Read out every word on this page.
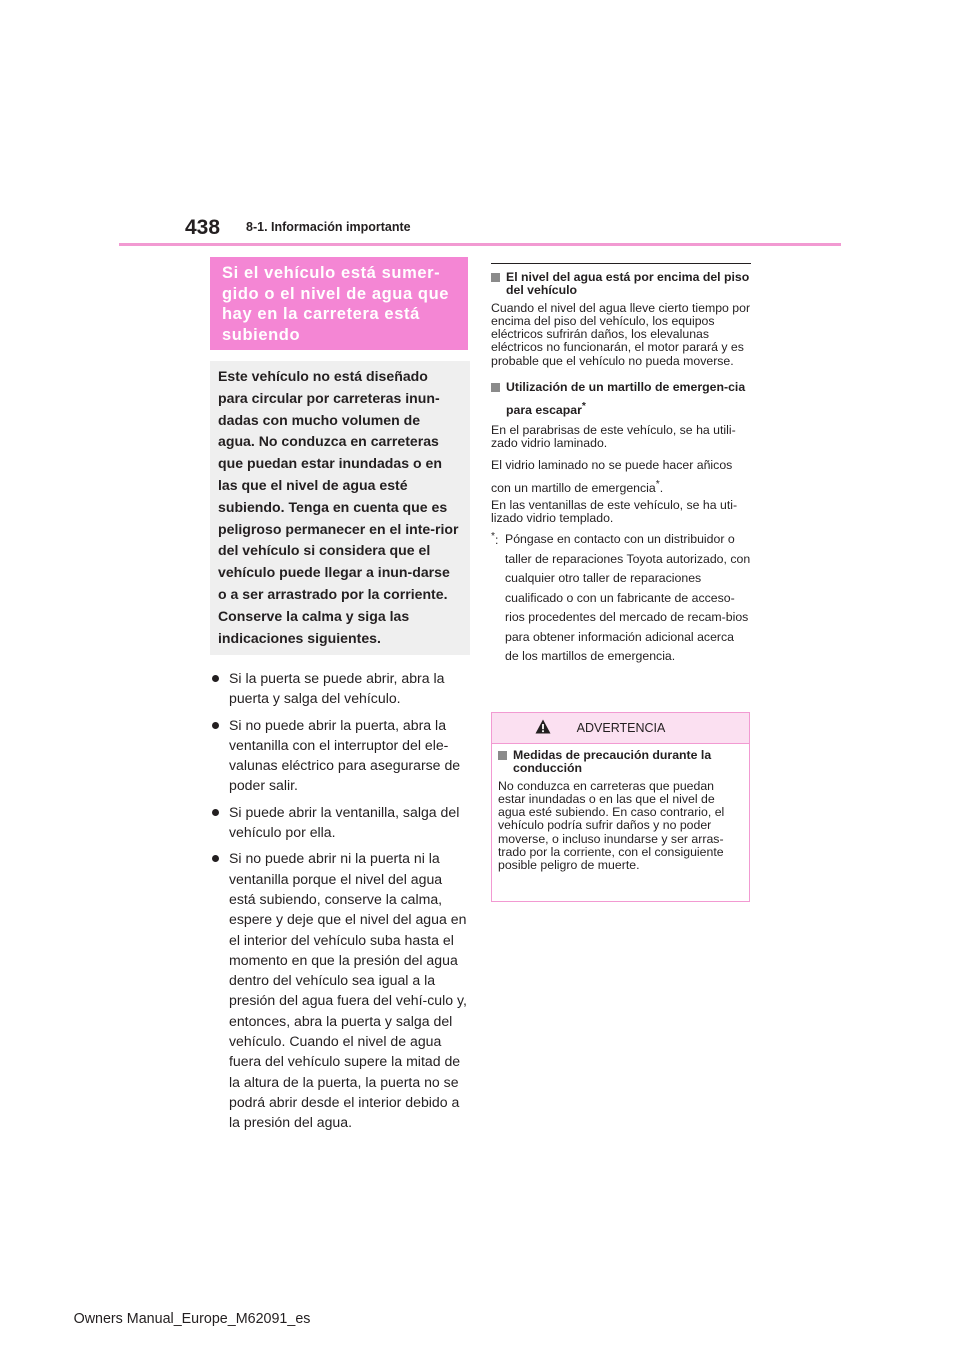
438 8-1. Información importante
Si el vehículo está sumer-gido o el nivel de agua que hay en la carretera está subiendo
Este vehículo no está diseñado para circular por carreteras inun-dadas con mucho volumen de agua. No conduzca en carreteras que puedan estar inundadas o en las que el nivel de agua esté subiendo. Tenga en cuenta que es peligroso permanecer en el inte-rior del vehículo si considera que el vehículo puede llegar a inun-darse o a ser arrastrado por la corriente. Conserve la calma y siga las indicaciones siguientes.
Si la puerta se puede abrir, abra la puerta y salga del vehículo.
Si no puede abrir la puerta, abra la ventanilla con el interruptor del ele-valunas eléctrico para asegurarse de poder salir.
Si puede abrir la ventanilla, salga del vehículo por ella.
Si no puede abrir ni la puerta ni la ventanilla porque el nivel del agua está subiendo, conserve la calma, espere y deje que el nivel del agua en el interior del vehículo suba hasta el momento en que la presión del agua dentro del vehículo sea igual a la presión del agua fuera del vehí-culo y, entonces, abra la puerta y salga del vehículo. Cuando el nivel de agua fuera del vehículo supere la mitad de la altura de la puerta, la puerta no se podrá abrir desde el interior debido a la presión del agua.
El nivel del agua está por encima del piso del vehículo

Cuando el nivel del agua lleve cierto tiempo por encima del piso del vehículo, los equipos eléctricos sufrirán daños, los elevalunas eléctricos no funcionarán, el motor parará y es probable que el vehículo no pueda moverse.

Utilización de un martillo de emergen-cia para escapar*

En el parabrisas de este vehículo, se ha utili-zado vidrio laminado.

El vidrio laminado no se puede hacer añicos con un martillo de emergencia*.

En las ventanillas de este vehículo, se ha uti-lizado vidrio templado.

*: Póngase en contacto con un distribuidor o taller de reparaciones Toyota autorizado, con cualquier otro taller de reparaciones cualificado o con un fabricante de acceso-rios procedentes del mercado de recam-bios para obtener información adicional acerca de los martillos de emergencia.
ADVERTENCIA
Medidas de precaución durante la conducción

No conduzca en carreteras que puedan estar inundadas o en las que el nivel de agua esté subiendo. En caso contrario, el vehículo podría sufrir daños y no poder moverse, o incluso inundarse y ser arras-trado por la corriente, con el consiguiente posible peligro de muerte.

Owners Manual_Europe_M62091_es
